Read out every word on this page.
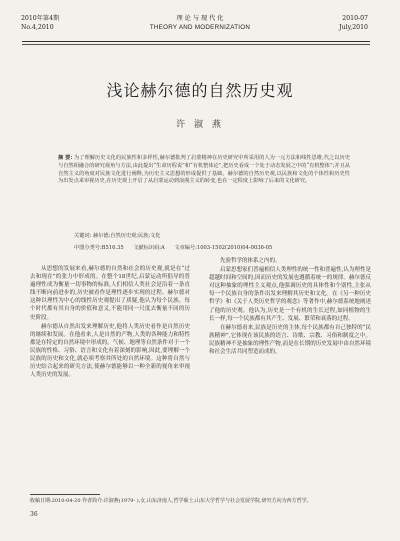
2010年第4期
No.4,2010
理 论 与 现 代 化
THEORY AND MODERNIZATION
2010-07
July,2010
浅论赫尔德的自然历史观
许 淑 燕
摘 要: 为了理解历史文化的民族性和多样性,赫尔德批判了启蒙精神在历史研究中所采用的人为一元方法和线性思维,代之以历史与自然相融合的研究视角与方法,由此提出“生命历程说”和“有机整体论”,把历史看成一个处于动态发展之中的“有机整体”;并且从自然主义的角度对民族文化进行阐释,为历史主义思想的形成提供了基础。赫尔德的自然历史观,以民族和文化的个体性和历史性为出发点来审视历史,在历史观上开启了从启蒙运动到浪漫主义的转变,也在一定程度上影响了后来的文化研究。
关键词: 赫尔德;自然历史观;民族;文化
中图分类号:B516.35 文献标识码:A 文章编号:1003-1502(2010)04-0036-05

从思想的发展来看,赫尔德的自然和社会的历史观,就是在“过去和现在”的张力中形成的。在整个18世纪,启蒙运动所倡导的普遍理性成为衡量一切事物的标准,人们相信人类社会是沿着一条直线不断向前进步的,历史被看作是理性逐步实现的过程。赫尔德对这种以理性为中心的线性历史观提出了质疑,他认为每个民族、每个时代都有其自身的价值和意义,不能用同一尺度去衡量不同的历史阶段。

赫尔德从自然出发来理解历史,他将人类历史看作是自然历史的继续和发展。在他看来,人是自然的产物,人类的各种能力和特性都是在特定的自然环境中形成的。气候、地理等自然条件对于一个民族的性格、习俗、语言和文化有着深刻的影响,因此,要理解一个民族的历史和文化,就必须考察其所处的自然环境。这种将自然与历史结合起来的研究方法,使赫尔德能够以一种全新的视角来审视人类历史的发展。

先验哲学的体系之内的。

启蒙思想家们普遍相信人类理性的统一性和普遍性,认为理性是超越时间和空间的,因而历史的发展也遵循着统一的规律。赫尔德反对这种抽象的理性主义观点,他强调历史的具体性和个别性,主张从每一个民族自身的条件出发来理解其历史和文化。在《另一种历史哲学》和《关于人类历史哲学的观念》等著作中,赫尔德系统地阐述了他的历史观。他认为,历史是一个有机的生长过程,如同植物的生长一样,每一个民族都有其产生、发展、繁荣和衰落的过程。

在赫尔德看来,民族是历史的主体,每个民族都有自己独特的“民族精神”,它体现在该民族的语言、诗歌、宗教、习俗和制度之中。民族精神不是抽象的理性产物,而是在长期的历史发展中由自然环境和社会生活共同塑造而成的。

收稿日期:2010-04-20 作者简介:许淑燕(1979- ),女,山东济南人,哲学硕士,山东大学哲学与社会发展学院,研究方向为西方哲学。
36
